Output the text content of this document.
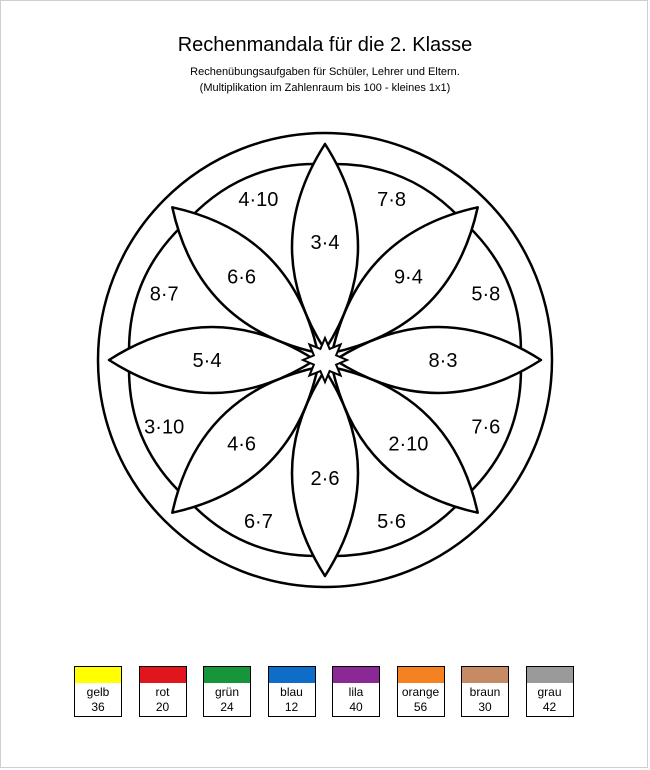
Rechenmandala für die 2. Klasse
Rechenübungsaufgaben für Schüler, Lehrer und Eltern.
(Multiplikation im Zahlenraum bis 100 - kleines 1x1)
3·4
9·4
8·3
2·10
2·6
4·6
5·4
6·6
7·8
5·8
7·6
5·6
6·7
3·10
8·7
4·10
gelb
36
rot
20
grün
24
blau
12
lila
40
orange
56
braun
30
grau
42
